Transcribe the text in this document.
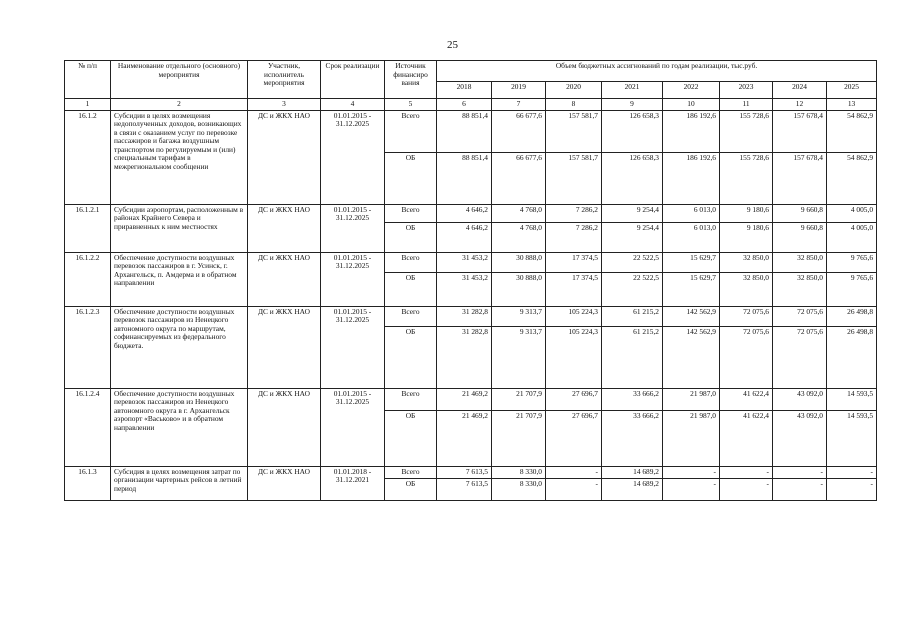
25
№ п/п	Наименование отдельного (основного) мероприятия	Участник, исполнитель мероприятия	Срок реализации	Источник финансиро вания	Объем бюджетных ассигнований по годам реализации, тыс.руб.							
					2018	2019	2020	2021	2022	2023	2024	2025
1	2	3	4	5	6	7	8	9	10	11	12	13
16.1.2	Субсидии в целях возмещения недополученных доходов, возникающих в связи с оказанием услуг по перевозке пассажиров и багажа воздушным транспортом по регулируемым и (или) специальным тарифам в межрегиональном сообщении	ДС и ЖКХ НАО	01.01.2015 - 31.12.2025	Всего	88 851,4	66 677,6	157 581,7	126 658,3	186 192,6	155 728,6	157 678,4	54 862,9
				ОБ	88 851,4	66 677,6	157 581,7	126 658,3	186 192,6	155 728,6	157 678,4	54 862,9
16.1.2.1	Субсидии аэропортам, расположенным в районах Крайнего Севера и приравненных к ним местностях	ДС и ЖКХ НАО	01.01.2015 - 31.12.2025	Всего	4 646,2	4 768,0	7 286,2	9 254,4	6 013,0	9 180,6	9 660,8	4 005,0
				ОБ	4 646,2	4 768,0	7 286,2	9 254,4	6 013,0	9 180,6	9 660,8	4 005,0
16.1.2.2	Обеспечение доступности воздушных перевозок пассажиров в г. Усинск, г. Архангельск, п. Амдерма и в обратном направлении	ДС и ЖКХ НАО	01.01.2015 - 31.12.2025	Всего	31 453,2	30 888,0	17 374,5	22 522,5	15 629,7	32 850,0	32 850,0	9 765,6
				ОБ	31 453,2	30 888,0	17 374,5	22 522,5	15 629,7	32 850,0	32 850,0	9 765,6
16.1.2.3	Обеспечение доступности воздушных перевозок пассажиров из Ненецкого автономного округа по маршрутам, софинансируемых из федерального бюджета.	ДС и ЖКХ НАО	01.01.2015 - 31.12.2025	Всего	31 282,8	9 313,7	105 224,3	61 215,2	142 562,9	72 075,6	72 075,6	26 498,8
				ОБ	31 282,8	9 313,7	105 224,3	61 215,2	142 562,9	72 075,6	72 075,6	26 498,8
16.1.2.4	Обеспечение доступности воздушных перевозок пассажиров из Ненецкого автономного округа в г. Архангельск аэропорт «Васьково» и в обратном направлении	ДС и ЖКХ НАО	01.01.2015 - 31.12.2025	Всего	21 469,2	21 707,9	27 696,7	33 666,2	21 987,0	41 622,4	43 092,0	14 593,5
				ОБ	21 469,2	21 707,9	27 696,7	33 666,2	21 987,0	41 622,4	43 092,0	14 593,5
16.1.3	Субсидия в целях возмещения затрат по организации чартерных рейсов в летний период	ДС и ЖКХ НАО	01.01.2018 - 31.12.2021	Всего	7 613,5	8 330,0	-	14 689,2	-	-	-	-
				ОБ	7 613,5	8 330,0	-	14 689,2	-	-	-	-
